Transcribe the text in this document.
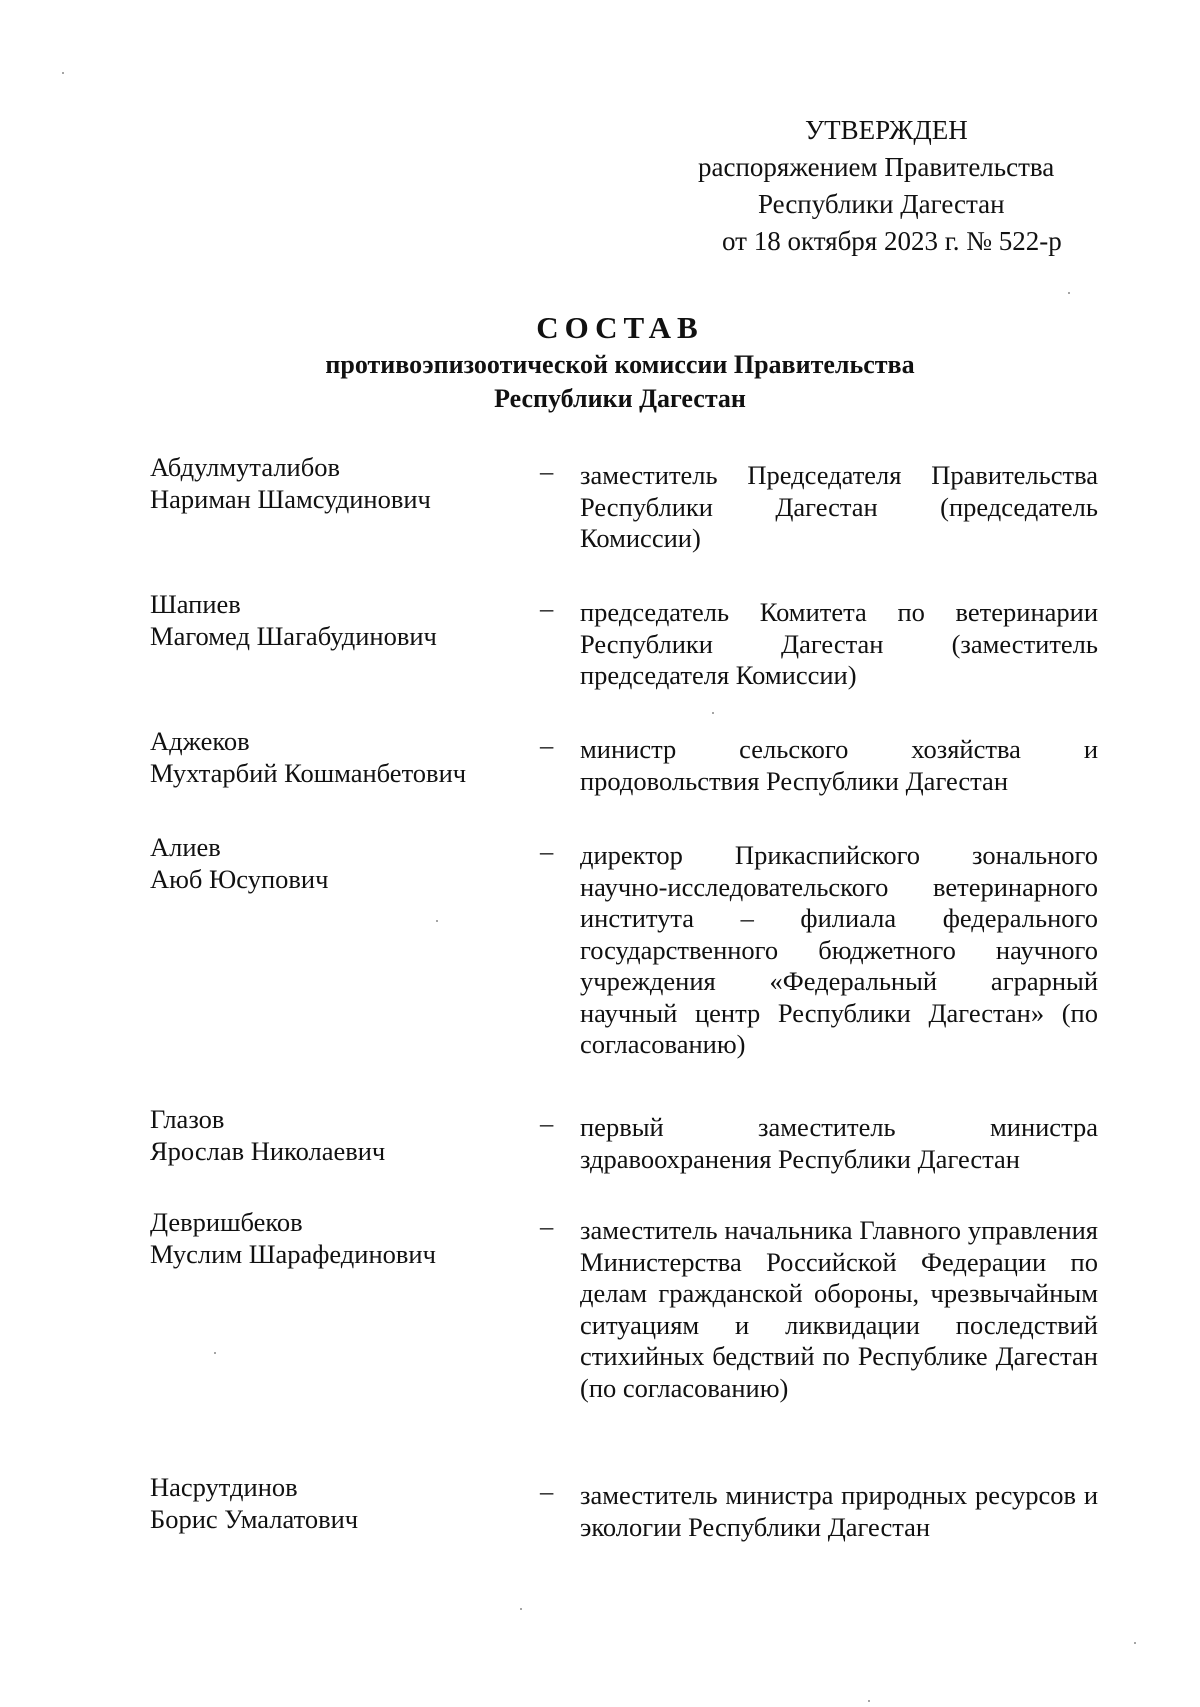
УТВЕРЖДЕН
распоряжением Правительства
Республики Дагестан
от 18 октября 2023 г. № 522-р
СОСТАВ
противоэпизоотической комиссии Правительства
Республики Дагестан
Абдулмуталибов
Нариман Шамсудинович
–	заместитель Председателя Правительства Республики Дагестан (председатель Комиссии)
Шапиев
Магомед Шагабудинович
–	председатель Комитета по ветеринарии Республики Дагестан (заместитель председателя Комиссии)
Аджеков
Мухтарбий Кошманбетович
–	министр сельского хозяйства и продовольствия Республики Дагестан
Алиев
Аюб Юсупович
–	директор Прикаспийского зонального научно-исследовательского ветеринарного института – филиала федерального государственного бюджетного научного учреждения «Федеральный аграрный научный центр Республики Дагестан» (по согласованию)
Глазов
Ярослав Николаевич
–	первый заместитель министра здравоохранения Республики Дагестан
Девришбеков
Муслим Шарафединович
–	заместитель начальника Главного управления Министерства Российской Федерации по делам гражданской обороны, чрезвычайным ситуациям и ликвидации последствий стихийных бедствий по Республике Дагестан (по согласованию)
Насрутдинов
Борис Умалатович
–	заместитель министра природных ресурсов и экологии Республики Дагестан
